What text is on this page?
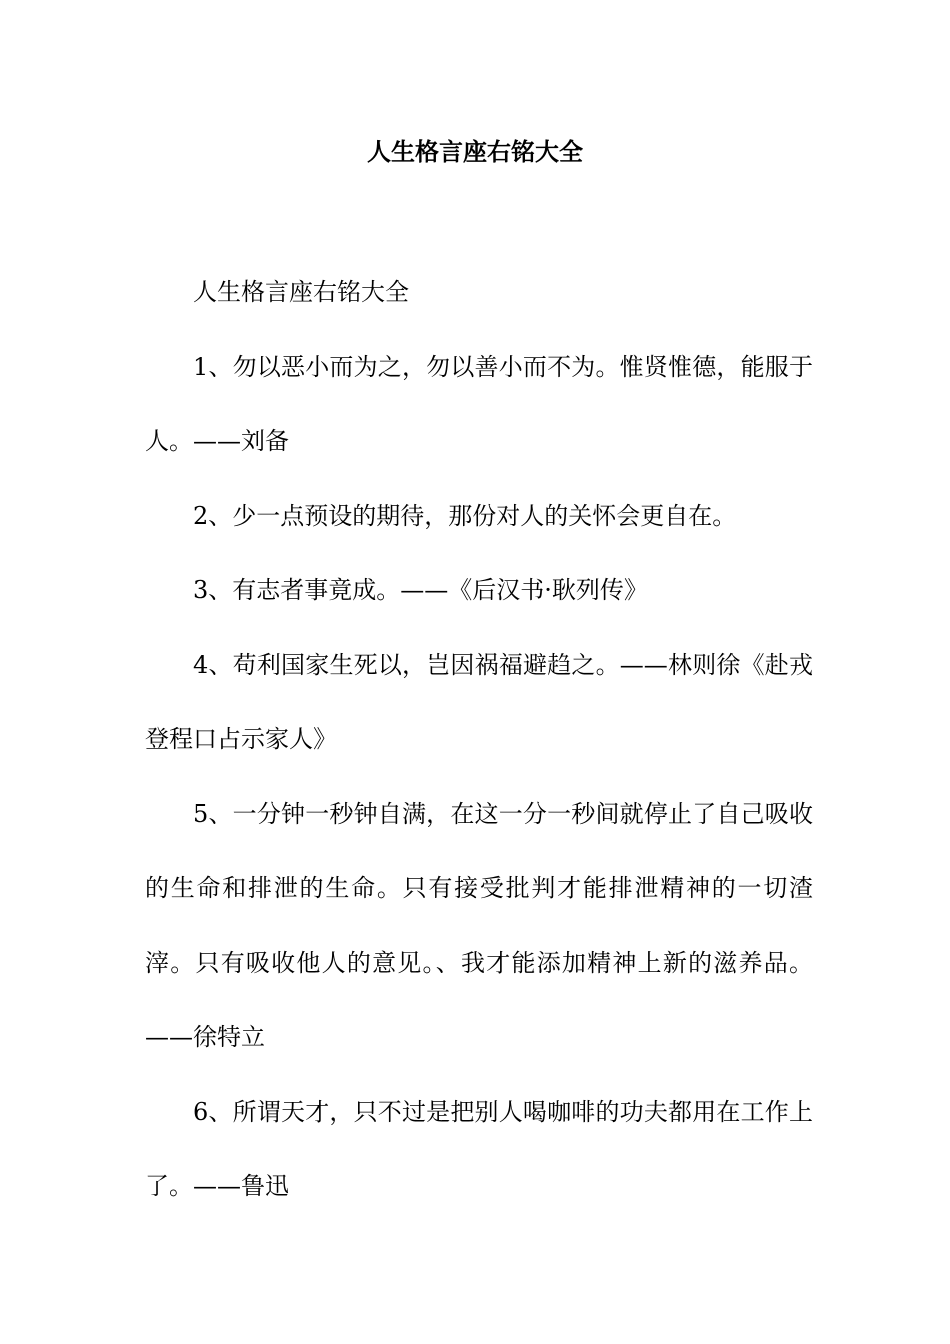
人生格言座右铭大全

人生格言座右铭大全

1、勿以恶小而为之，勿以善小而不为。惟贤惟德，能服于人。——刘备

2、少一点预设的期待，那份对人的关怀会更自在。

3、有志者事竟成。——《后汉书·耿列传》

4、苟利国家生死以，岂因祸福避趋之。——林则徐《赴戎登程口占示家人》

5、一分钟一秒钟自满，在这一分一秒间就停止了自己吸收的生命和排泄的生命。只有接受批判才能排泄精神的一切渣滓。只有吸收他人的意见。、我才能添加精神上新的滋养品。——徐特立

6、所谓天才，只不过是把别人喝咖啡的功夫都用在工作上了。——鲁迅
